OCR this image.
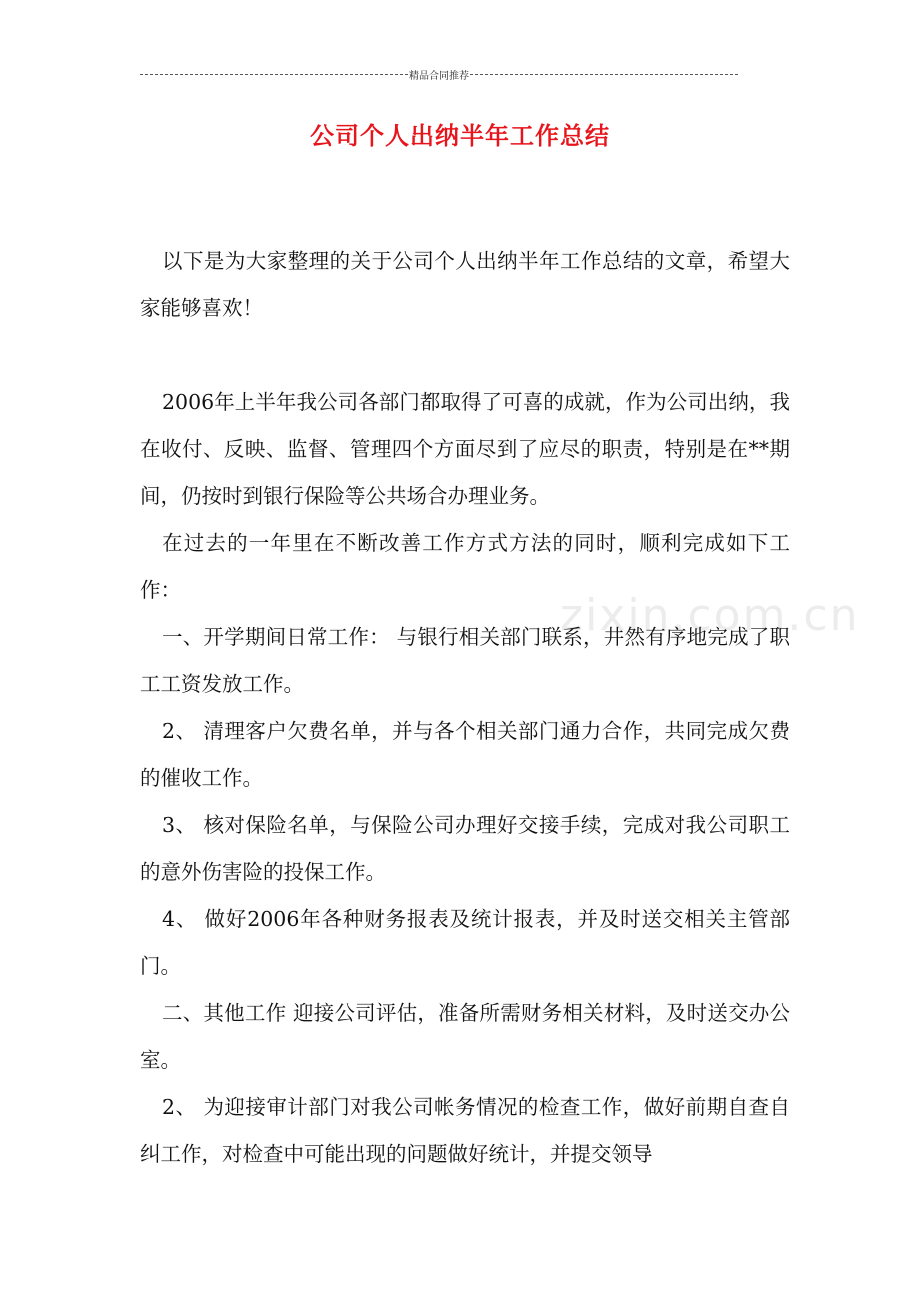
精品合同推荐
公司个人出纳半年工作总结
zixin.com.cn

以下是为大家整理的关于公司个人出纳半年工作总结的文章，希望大家能够喜欢！

2006年上半年我公司各部门都取得了可喜的成就，作为公司出纳，我在收付、反映、监督、管理四个方面尽到了应尽的职责，特别是在**期间，仍按时到银行保险等公共场合办理业务。

在过去的一年里在不断改善工作方式方法的同时，顺利完成如下工作：

一、开学期间日常工作： 与银行相关部门联系，井然有序地完成了职工工资发放工作。

2、 清理客户欠费名单，并与各个相关部门通力合作，共同完成欠费的催收工作。

3、 核对保险名单，与保险公司办理好交接手续，完成对我公司职工的意外伤害险的投保工作。

4、 做好2006年各种财务报表及统计报表，并及时送交相关主管部门。

二、其他工作 迎接公司评估，准备所需财务相关材料，及时送交办公室。

2、 为迎接审计部门对我公司帐务情况的检查工作，做好前期自查自纠工作，对检查中可能出现的问题做好统计，并提交领导
